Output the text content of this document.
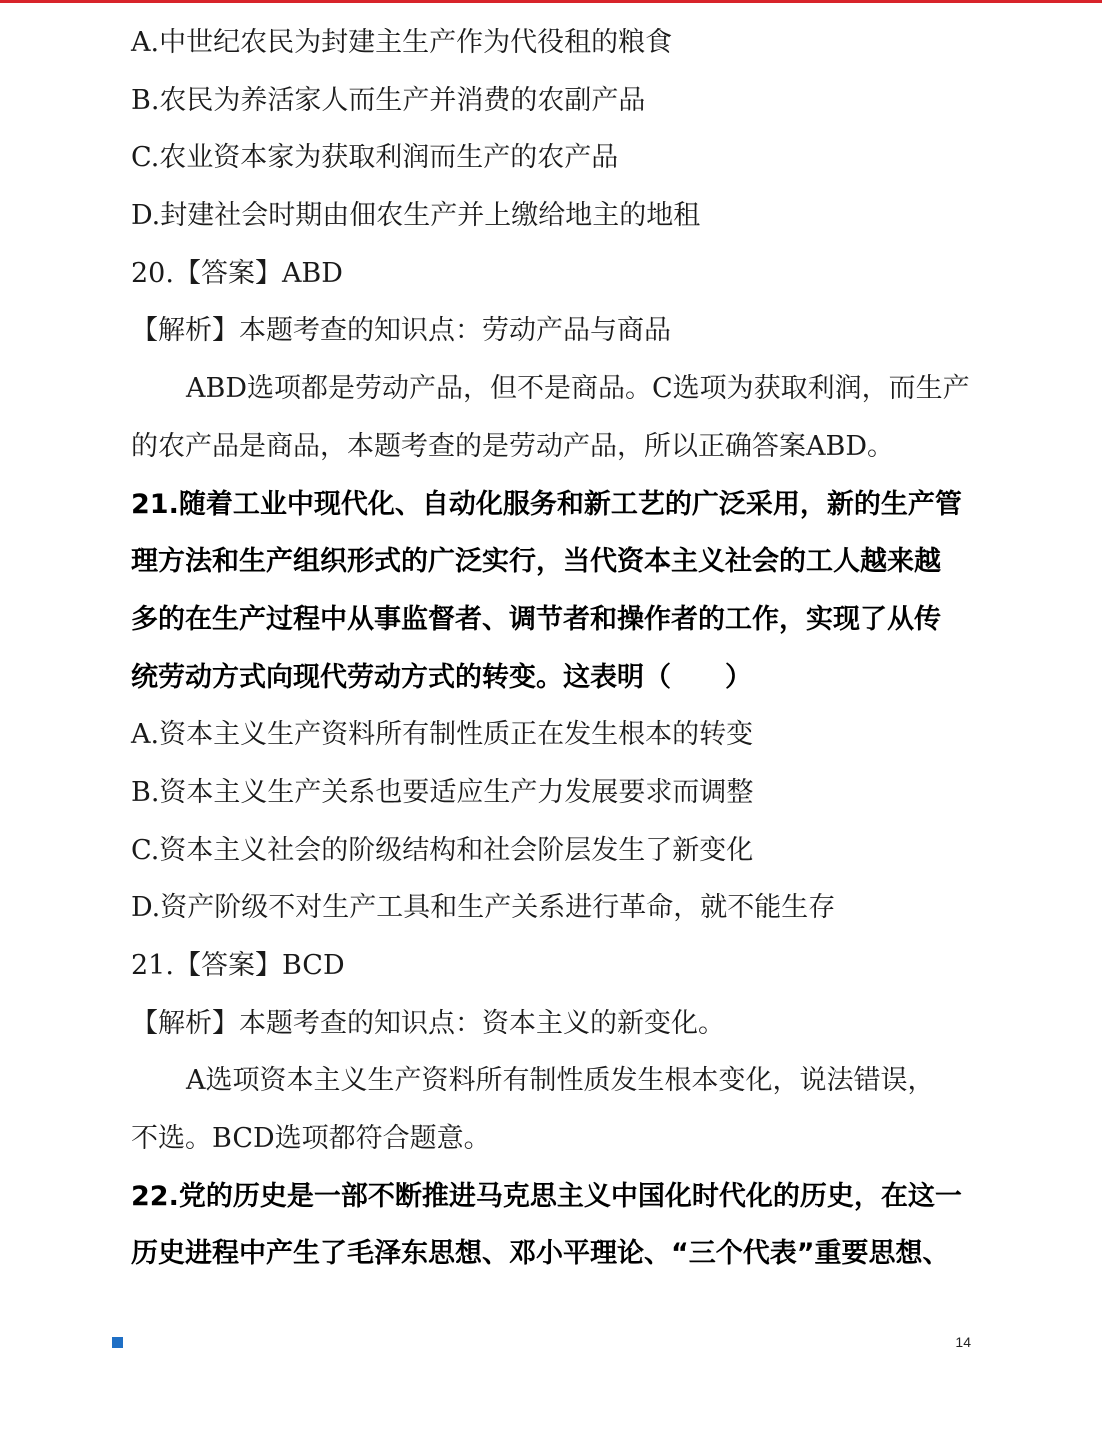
A.中世纪农民为封建主生产作为代役租的粮食
B.农民为养活家人而生产并消费的农副产品
C.农业资本家为获取利润而生产的农产品
D.封建社会时期由佃农生产并上缴给地主的地租
20.【答案】ABD
【解析】本题考查的知识点：劳动产品与商品
ABD选项都是劳动产品，但不是商品。C选项为获取利润，而生产
的农产品是商品，本题考查的是劳动产品，所以正确答案ABD。
21.随着工业中现代化、自动化服务和新工艺的广泛采用，新的生产管
理方法和生产组织形式的广泛实行，当代资本主义社会的工人越来越
多的在生产过程中从事监督者、调节者和操作者的工作，实现了从传
统劳动方式向现代劳动方式的转变。这表明（　　）
A.资本主义生产资料所有制性质正在发生根本的转变
B.资本主义生产关系也要适应生产力发展要求而调整
C.资本主义社会的阶级结构和社会阶层发生了新变化
D.资产阶级不对生产工具和生产关系进行革命，就不能生存
21.【答案】BCD
【解析】本题考查的知识点：资本主义的新变化。
A选项资本主义生产资料所有制性质发生根本变化，说法错误，
不选。BCD选项都符合题意。
22.党的历史是一部不断推进马克思主义中国化时代化的历史，在这一
历史进程中产生了毛泽东思想、邓小平理论、“三个代表”重要思想、
14
